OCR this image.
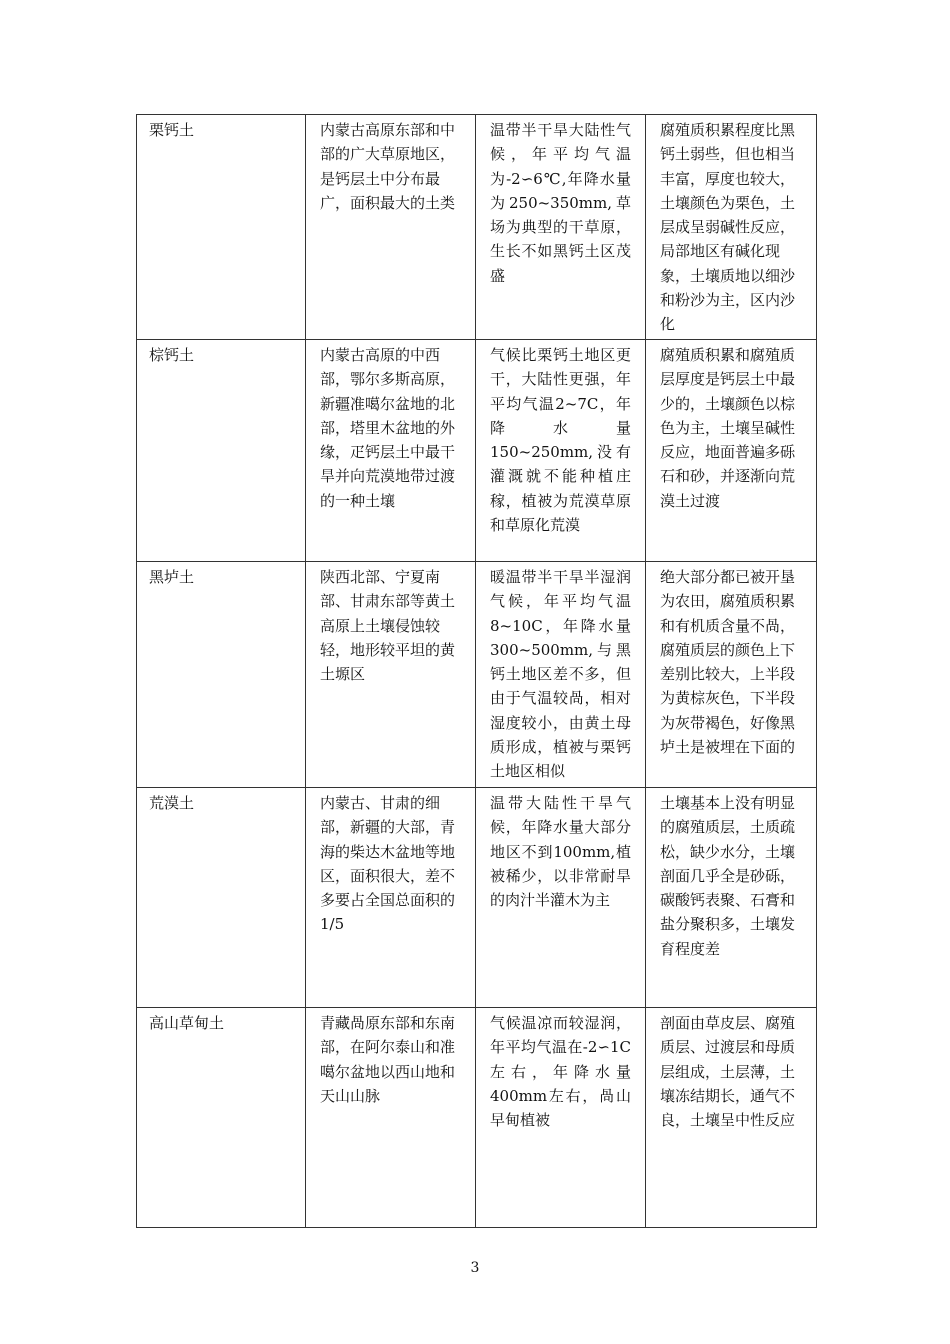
栗钙土	内蒙古高原东部和中部的广大草原地区，是钙层土中分布最广，面积最大的土类	温带半干旱大陆性气候，年平均气温为-2∽6℃,年降水量为250~350mm,草场为典型的干草原，生长不如黑钙土区茂盛	腐殖质积累程度比黑钙土弱些，但也相当丰富，厚度也较大，土壤颜色为栗色，土层成呈弱碱性反应，局部地区有碱化现象，土壤质地以细沙和粉沙为主，区内沙化
棕钙土	内蒙古高原的中西部，鄂尔多斯高原，新疆准噶尔盆地的北部，塔里木盆地的外缘，疋钙层土中最干旱并向荒漠地带过渡的一种土壤	气候比栗钙土地区更干，大陆性更强，年平均气温2~7C，年降水量150~250mm,没有灌溉就不能种植庄稼，植被为荒漠草原和草原化荒漠	腐殖质积累和腐殖质层厚度是钙层土中最少的，土壤颜色以棕色为主，土壤呈碱性反应，地面普遍多砾石和砂，并逐渐向荒漠土过渡
黑垆土	陕西北部、宁夏南部、甘肃东部等黄土高原上土壤侵蚀较轻，地形较平坦的黄土塬区	暖温带半干旱半湿润气候，年平均气温8~10C，年降水量300~500mm,与黑钙土地区差不多，但由于气温较咼，相对湿度较小，由黄土母质形成，植被与栗钙土地区相似	绝大部分都已被开垦为农田，腐殖质积累和有机质含量不咼，腐殖质层的颜色上下差别比较大，上半段为黄棕灰色，下半段为灰带褐色，好像黑垆土是被埋在下面的
荒漠土	内蒙古、甘肃的细部，新疆的大部，青海的柴达木盆地等地区，面积很大，差不多要占全国总面积的1/5	温带大陆性干旱气候，年降水量大部分地区不到100mm,植被稀少，以非常耐旱的肉汁半灌木为主	土壤基本上没有明显的腐殖质层，土质疏松，缺少水分，土壤剖面几乎全是砂砾，碳酸钙表聚、石膏和盐分聚积多，土壤发育程度差
高山草甸土	青藏咼原东部和东南部，在阿尔泰山和准噶尔盆地以西山地和天山山脉	气候温凉而较湿润，年平均气温在-2∽1C左右，年降水量400mm左右，咼山早甸植被	剖面由草皮层、腐殖质层、过渡层和母质层组成，土层薄，土壤冻结期长，通气不良，土壤呈中性反应
3
